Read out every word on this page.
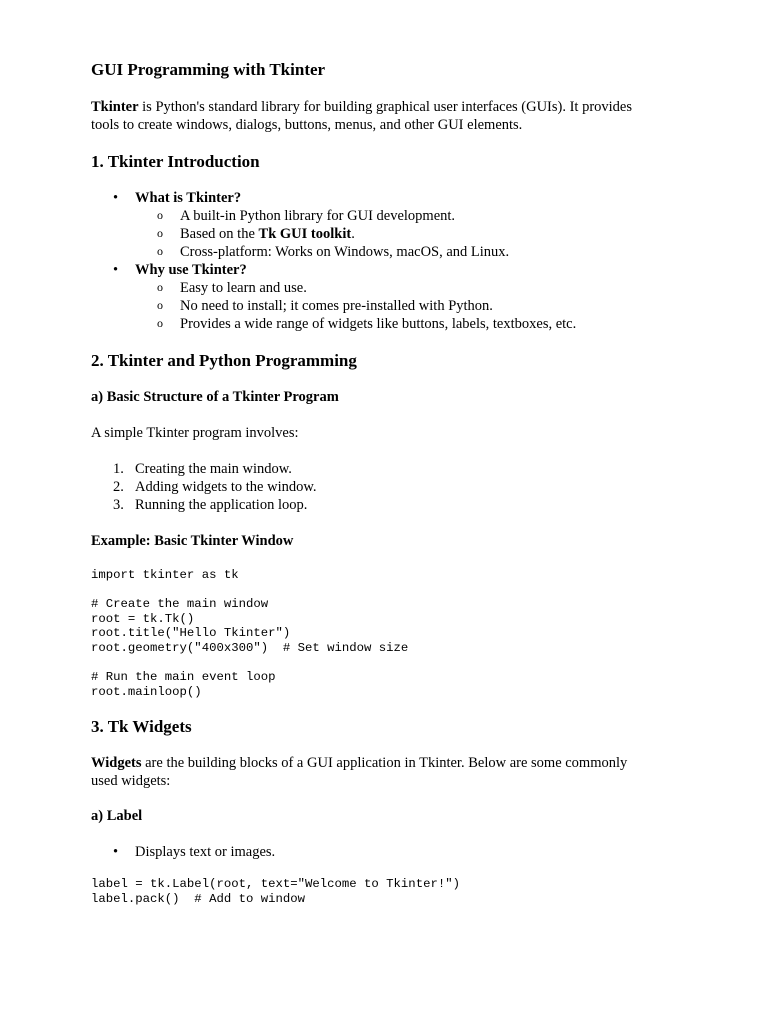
GUI Programming with Tkinter

Tkinter is Python's standard library for building graphical user interfaces (GUIs). It provides
tools to create windows, dialogs, buttons, menus, and other GUI elements.

1. Tkinter Introduction
• What is Tkinter?
o A built-in Python library for GUI development.
o Based on the Tk GUI toolkit.
o Cross-platform: Works on Windows, macOS, and Linux.
• Why use Tkinter?
o Easy to learn and use.
o No need to install; it comes pre-installed with Python.
o Provides a wide range of widgets like buttons, labels, textboxes, etc.
2. Tkinter and Python Programming
a) Basic Structure of a Tkinter Program

A simple Tkinter program involves:

1. Creating the main window.
2. Adding widgets to the window.
3. Running the application loop.
Example: Basic Tkinter Window
import tkinter as tk
# Create the main window
root = tk.Tk()
root.title("Hello Tkinter")
root.geometry("400x300")  # Set window size
# Run the main event loop
root.mainloop()
3. Tk Widgets

Widgets are the building blocks of a GUI application in Tkinter. Below are some commonly
used widgets:

a) Label
• Displays text or images.
label = tk.Label(root, text="Welcome to Tkinter!")
label.pack()  # Add to window
